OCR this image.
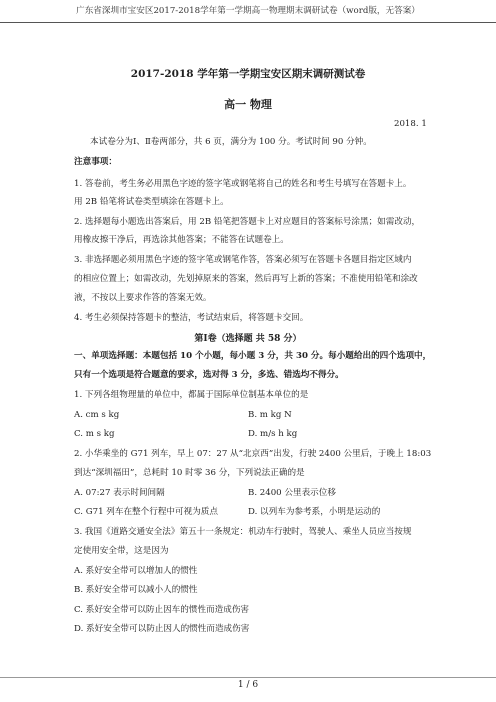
广东省深圳市宝安区2017-2018学年第一学期高一物理期末调研试卷（word版，无答案）
2017-2018 学年第一学期宝安区期末调研测试卷
高一 物理
2018. 1
本试卷分为Ⅰ、Ⅱ卷两部分，共 6 页，满分为 100 分。考试时间 90 分钟。
注意事项：
1. 答卷前，考生务必用黑色字迹的签字笔或钢笔将自己的姓名和考生号填写在答题卡上。
用 2B 铅笔将试卷类型填涂在答题卡上。
2. 选择题每小题选出答案后，用 2B 铅笔把答题卡上对应题目的答案标号涂黑；如需改动，
用橡皮擦干净后，再选涂其他答案；不能答在试题卷上。
3. 非选择题必须用黑色字迹的签字笔或钢笔作答，答案必须写在答题卡各题目指定区域内
的相应位置上；如需改动，先划掉原来的答案，然后再写上新的答案；不准使用铅笔和涂改
液，不按以上要求作答的答案无效。
4. 考生必须保持答题卡的整洁，考试结束后，将答题卡交回。
第Ⅰ卷（选择题 共 58 分）
一、单项选择题：本题包括 10 个小题，每小题 3 分，共 30 分。每小题给出的四个选项中，
只有一个选项是符合题意的要求，选对得 3 分，多选、错选均不得分。
1. 下列各组物理量的单位中，都属于国际单位制基本单位的是
A. cm s kg	B. m kg N
C. m s kg	D. m/s h kg
2. 小华乘坐的 G71 列车，早上 07：27 从“北京西”出发，行驶 2400 公里后，于晚上 18:03
到达“深圳福田”，总耗时 10 时零 36 分，下列说法正确的是
A. 07:27 表示时间间隔	B. 2400 公里表示位移
C. G71 列车在整个行程中可视为质点	D. 以列车为参考系，小明是运动的
3. 我国《道路交通安全法》第五十一条规定：机动车行驶时，驾驶人、乘坐人员应当按规
定使用安全带，这是因为
A. 系好安全带可以增加人的惯性
B. 系好安全带可以减小人的惯性
C. 系好安全带可以防止因车的惯性而造成伤害
D. 系好安全带可以防止因人的惯性而造成伤害
1 / 6
